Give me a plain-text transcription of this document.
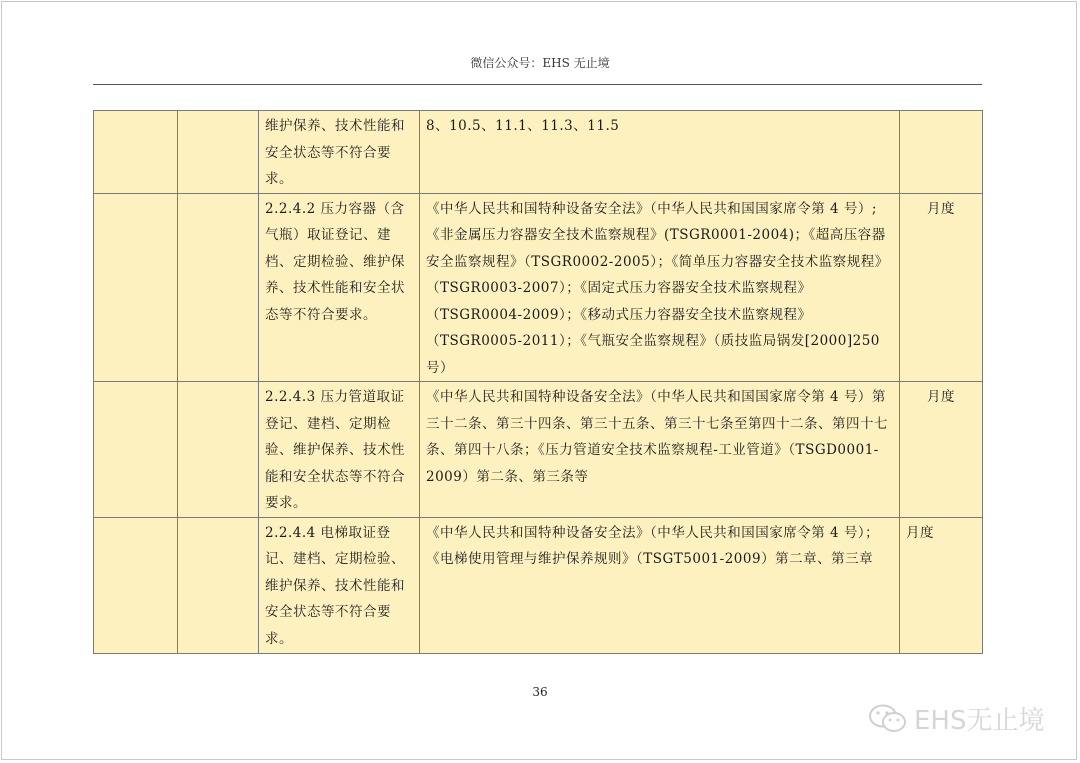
微信公众号：EHS 无止境
		维护保养、技术性能和安全状态等不符合要求。	8、10.5、11.1、11.3、11.5	
		2.2.4.2 压力容器（含气瓶）取证登记、建档、定期检验、维护保养、技术性能和安全状态等不符合要求。	《中华人民共和国特种设备安全法》（中华人民共和国国家席令第 4 号）;《非金属压力容器安全技术监察规程》(TSGR0001-2004)；《超高压容器安全监察规程》（TSGR0002-2005）；《简单压力容器安全技术监察规程》（TSGR0003-2007）；《固定式压力容器安全技术监察规程》（TSGR0004-2009）；《移动式压力容器安全技术监察规程》（TSGR0005-2011）；《气瓶安全监察规程》（质技监局锅发[2000]250 号）	月度
		2.2.4.3 压力管道取证登记、建档、定期检验、维护保养、技术性能和安全状态等不符合要求。	《中华人民共和国特种设备安全法》（中华人民共和国国家席令第 4 号）第三十二条、第三十四条、第三十五条、第三十七条至第四十二条、第四十七条、第四十八条；《压力管道安全技术监察规程-工业管道》（TSGD0001-2009）第二条、第三条等	月度
		2.2.4.4 电梯取证登记、建档、定期检验、维护保养、技术性能和安全状态等不符合要求。	《中华人民共和国特种设备安全法》（中华人民共和国国家席令第 4 号）；《电梯使用管理与维护保养规则》（TSGT5001-2009）第二章、第三章	月度
36
EHS无止境
